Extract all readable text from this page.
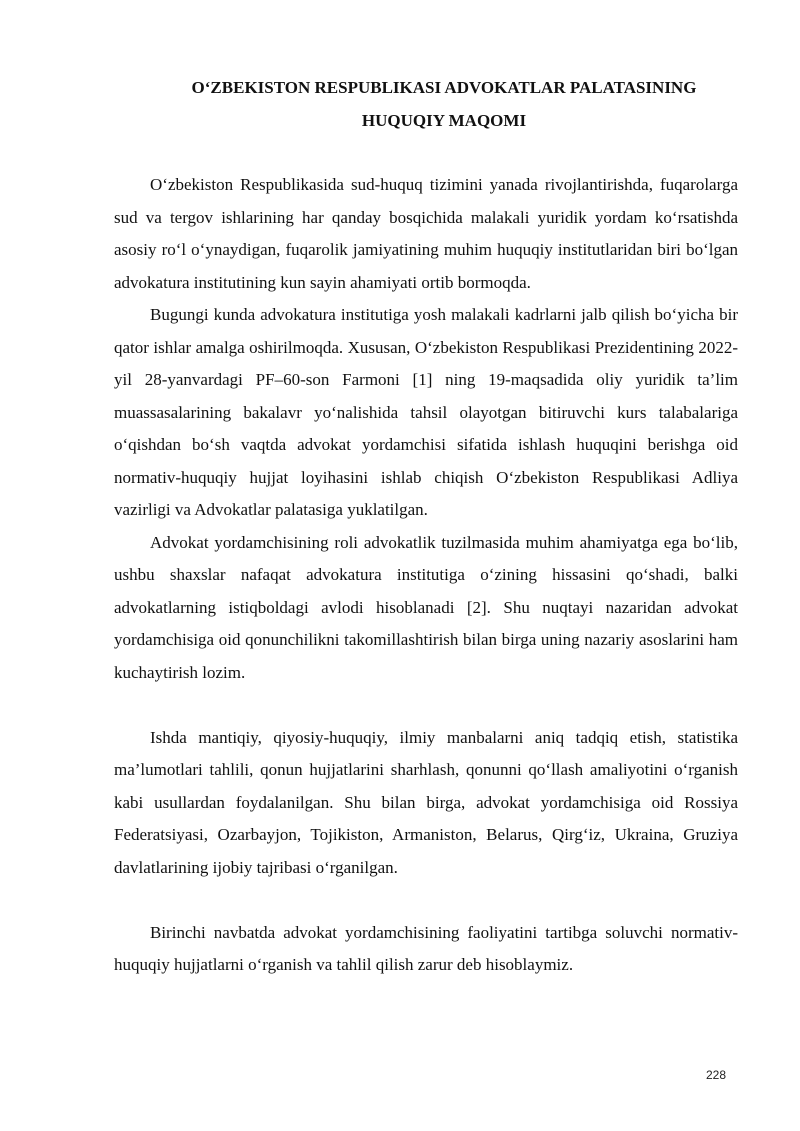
O‘ZBEKISTON RESPUBLIKASI ADVOKATLAR PALATASINING
HUQUQIY MAQOMI

O‘zbekiston Respublikasida sud-huquq tizimini yanada rivojlantirishda, fuqarolarga sud va tergov ishlarining har qanday bosqichida malakali yuridik yordam ko‘rsatishda asosiy ro‘l o‘ynaydigan, fuqarolik jamiyatining muhim huquqiy institutlaridan biri bo‘lgan advokatura institutining kun sayin ahamiyati ortib bormoqda.

Bugungi kunda advokatura institutiga yosh malakali kadrlarni jalb qilish bo‘yicha bir qator ishlar amalga oshirilmoqda. Xususan, O‘zbekiston Respublikasi Prezidentining 2022-yil 28-yanvardagi PF–60-son Farmoni [1] ning 19-maqsadida oliy yuridik ta’lim muassasalarining bakalavr yo‘nalishida tahsil olayotgan bitiruvchi kurs talabalariga o‘qishdan bo‘sh vaqtda advokat yordamchisi sifatida ishlash huquqini berishga oid normativ-huquqiy hujjat loyihasini ishlab chiqish O‘zbekiston Respublikasi Adliya vazirligi va Advokatlar palatasiga yuklatilgan.

Advokat yordamchisining roli advokatlik tuzilmasida muhim ahamiyatga ega bo‘lib, ushbu shaxslar nafaqat advokatura institutiga o‘zining hissasini qo‘shadi, balki advokatlarning istiqboldagi avlodi hisoblanadi [2]. Shu nuqtayi nazaridan advokat yordamchisiga oid qonunchilikni takomillashtirish bilan birga uning nazariy asoslarini ham kuchaytirish lozim.

Ishda mantiqiy, qiyosiy-huquqiy, ilmiy manbalarni aniq tadqiq etish, statistika ma’lumotlari tahlili, qonun hujjatlarini sharhlash, qonunni qo‘llash amaliyotini o‘rganish kabi usullardan foydalanilgan. Shu bilan birga, advokat yordamchisiga oid Rossiya Federatsiyasi, Ozarbayjon, Tojikiston, Armaniston, Belarus, Qirg‘iz, Ukraina, Gruziya davlatlarining ijobiy tajribasi o‘rganilgan.

Birinchi navbatda advokat yordamchisining faoliyatini tartibga soluvchi normativ-huquqiy hujjatlarni o‘rganish va tahlil qilish zarur deb hisoblaymiz.

228
